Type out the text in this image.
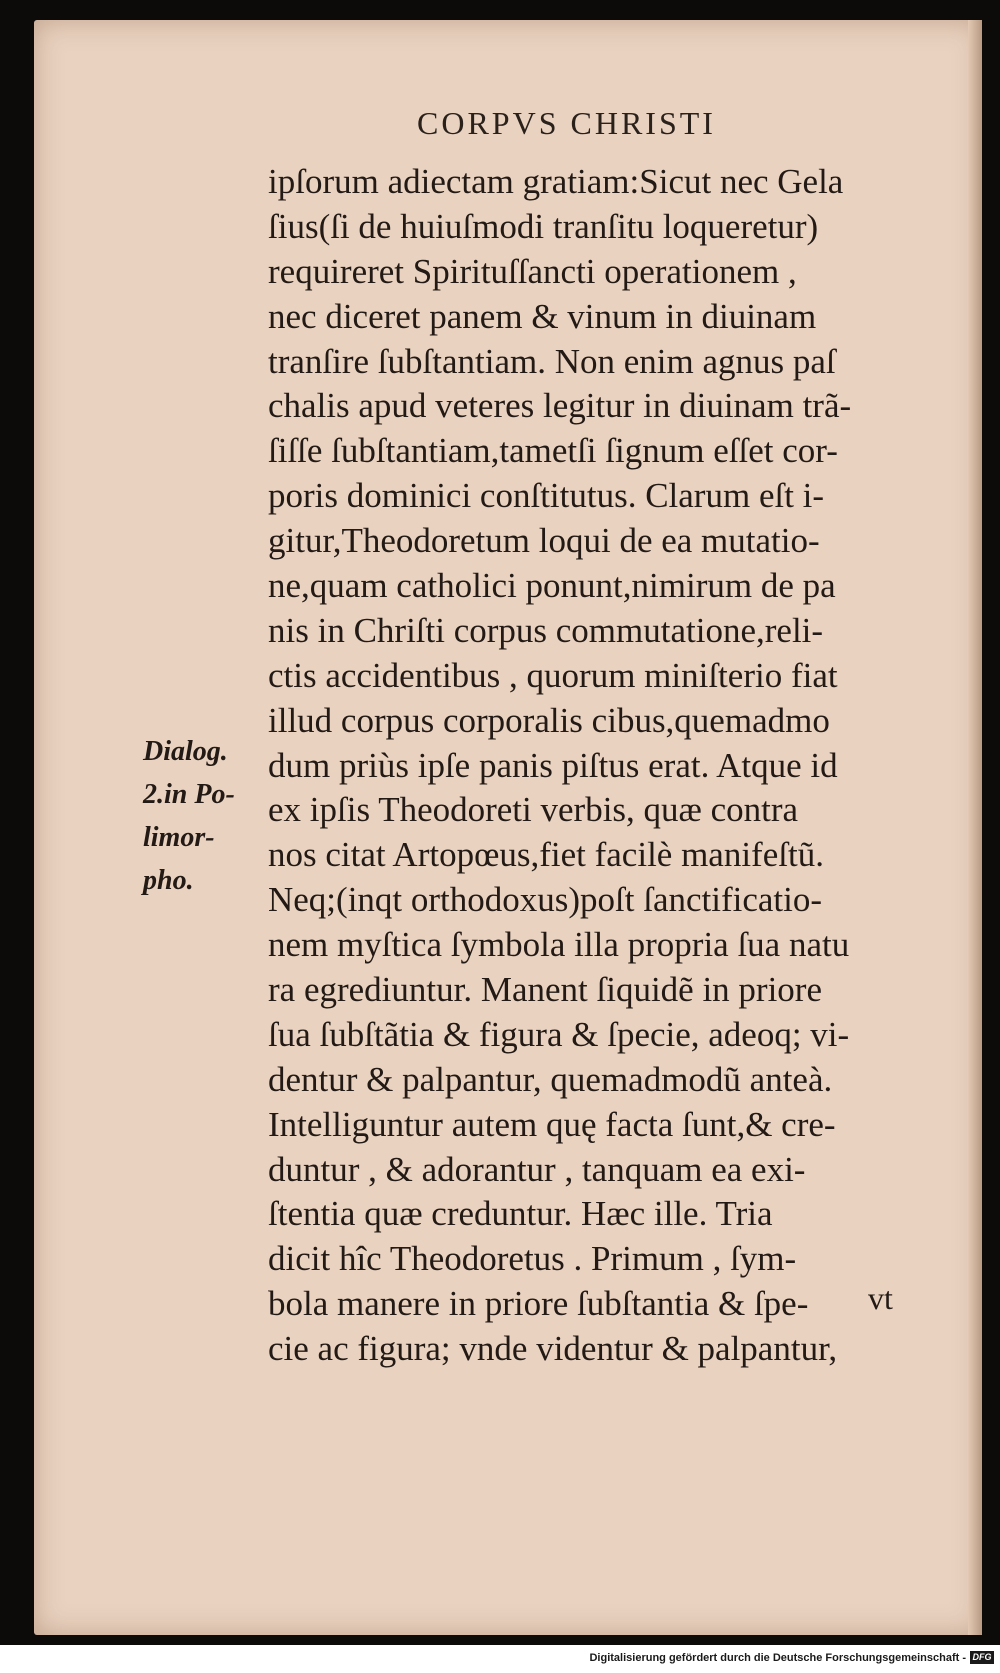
CORPVS CHRISTI
ipſorum adiectam gratiam:Sicut nec Gela
ſius(ſi de huiuſmodi tranſitu loqueretur)
requireret Spirituſſancti operationem ,
nec diceret panem & vinum in diuinam
tranſire ſubſtantiam. Non enim agnus paſ
chalis apud veteres legitur in diuinam trã-
ſiſſe ſubſtantiam,tametſi ſignum eſſet cor-
poris dominici conſtitutus. Clarum eſt i-
gitur,Theodoretum loqui de ea mutatio-
ne,quam catholici ponunt,nimirum de pa
nis in Chriſti corpus commutatione,reli-
ctis accidentibus , quorum miniſterio fiat
illud corpus corporalis cibus,quemadmo
dum priùs ipſe panis piſtus erat. Atque id
ex ipſis Theodoreti verbis, quæ contra
nos citat Artopœus,fiet facilè manifeſtũ.
Neq;(inqt orthodoxus)poſt ſanctificatio-
nem myſtica ſymbola illa propria ſua natu
ra egrediuntur. Manent ſiquidẽ in priore
ſua ſubſtãtia & figura & ſpecie, adeoq; vi-
dentur & palpantur, quemadmodũ anteà.
Intelliguntur autem quę facta ſunt,& cre-
duntur , & adorantur , tanquam ea exi-
ſtentia quæ creduntur. Hæc ille. Tria
dicit hîc Theodoretus . Primum , ſym-
bola manere in priore ſubſtantia & ſpe-
cie ac figura; vnde videntur & palpantur,
Dialog.
2.in Po-
limor-
pho.
vt
Digitalisierung gefördert durch die Deutsche Forschungsgemeinschaft - DFG
